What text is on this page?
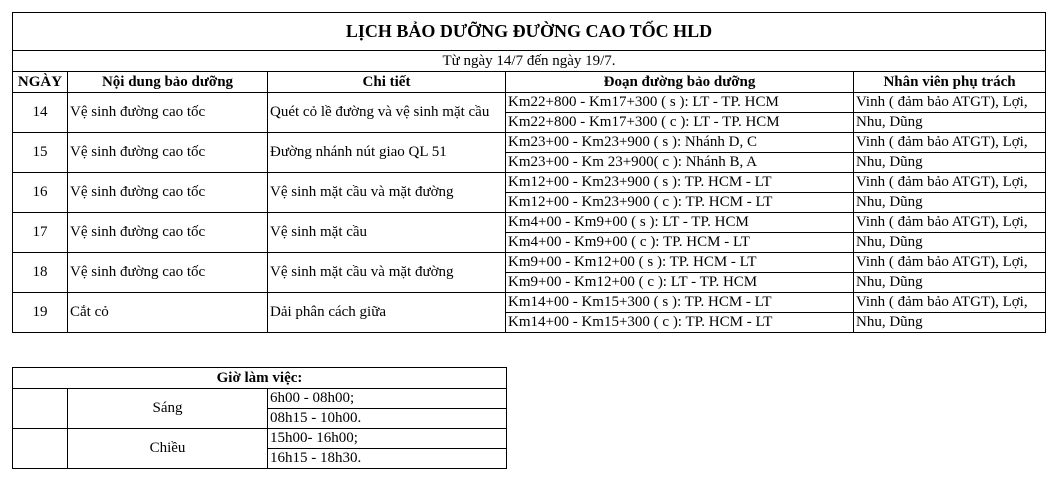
LỊCH BẢO DƯỠNG ĐƯỜNG CAO TỐC HLD				
Từ ngày 14/7 đến ngày 19/7.				
NGÀY	Nội dung bảo dưỡng	Chi tiết	Đoạn đường bảo dưỡng	Nhân viên phụ trách
14	Vệ sinh đường cao tốc	Quét cỏ lề đường và vệ sinh mặt cầu	Km22+800 - Km17+300 ( s ): LT - TP. HCM	Vinh ( đảm bảo ATGT), Lợi,
			Km22+800 - Km17+300 ( c ): LT - TP. HCM	Nhu, Dũng
15	Vệ sinh đường cao tốc	Đường nhánh nút giao QL 51	Km23+00 - Km23+900 ( s ): Nhánh D, C	Vinh ( đảm bảo ATGT), Lợi,
			Km23+00 - Km 23+900( c ): Nhánh B, A	Nhu, Dũng
16	Vệ sinh đường cao tốc	Vệ sinh mặt cầu và mặt đường	Km12+00 - Km23+900 ( s ): TP. HCM - LT	Vinh ( đảm bảo ATGT), Lợi,
			Km12+00 - Km23+900 ( c ): TP. HCM - LT	Nhu, Dũng
17	Vệ sinh đường cao tốc	Vệ sinh mặt cầu	Km4+00 - Km9+00 ( s ): LT - TP. HCM	Vinh ( đảm bảo ATGT), Lợi,
			Km4+00 - Km9+00 ( c ): TP. HCM - LT	Nhu, Dũng
18	Vệ sinh đường cao tốc	Vệ sinh mặt cầu và mặt đường	Km9+00 - Km12+00 ( s ): TP. HCM - LT	Vinh ( đảm bảo ATGT), Lợi,
			Km9+00 - Km12+00 ( c ): LT - TP. HCM	Nhu, Dũng
19	Cắt cỏ	Dải phân cách giữa	Km14+00 - Km15+300 ( s ): TP. HCM - LT	Vinh ( đảm bảo ATGT), Lợi,
			Km14+00 - Km15+300 ( c ): TP. HCM - LT	Nhu, Dũng
Giờ làm việc:		
	Sáng	6h00 - 08h00;
		08h15 - 10h00.
	Chiều	15h00- 16h00;
		16h15 - 18h30.
